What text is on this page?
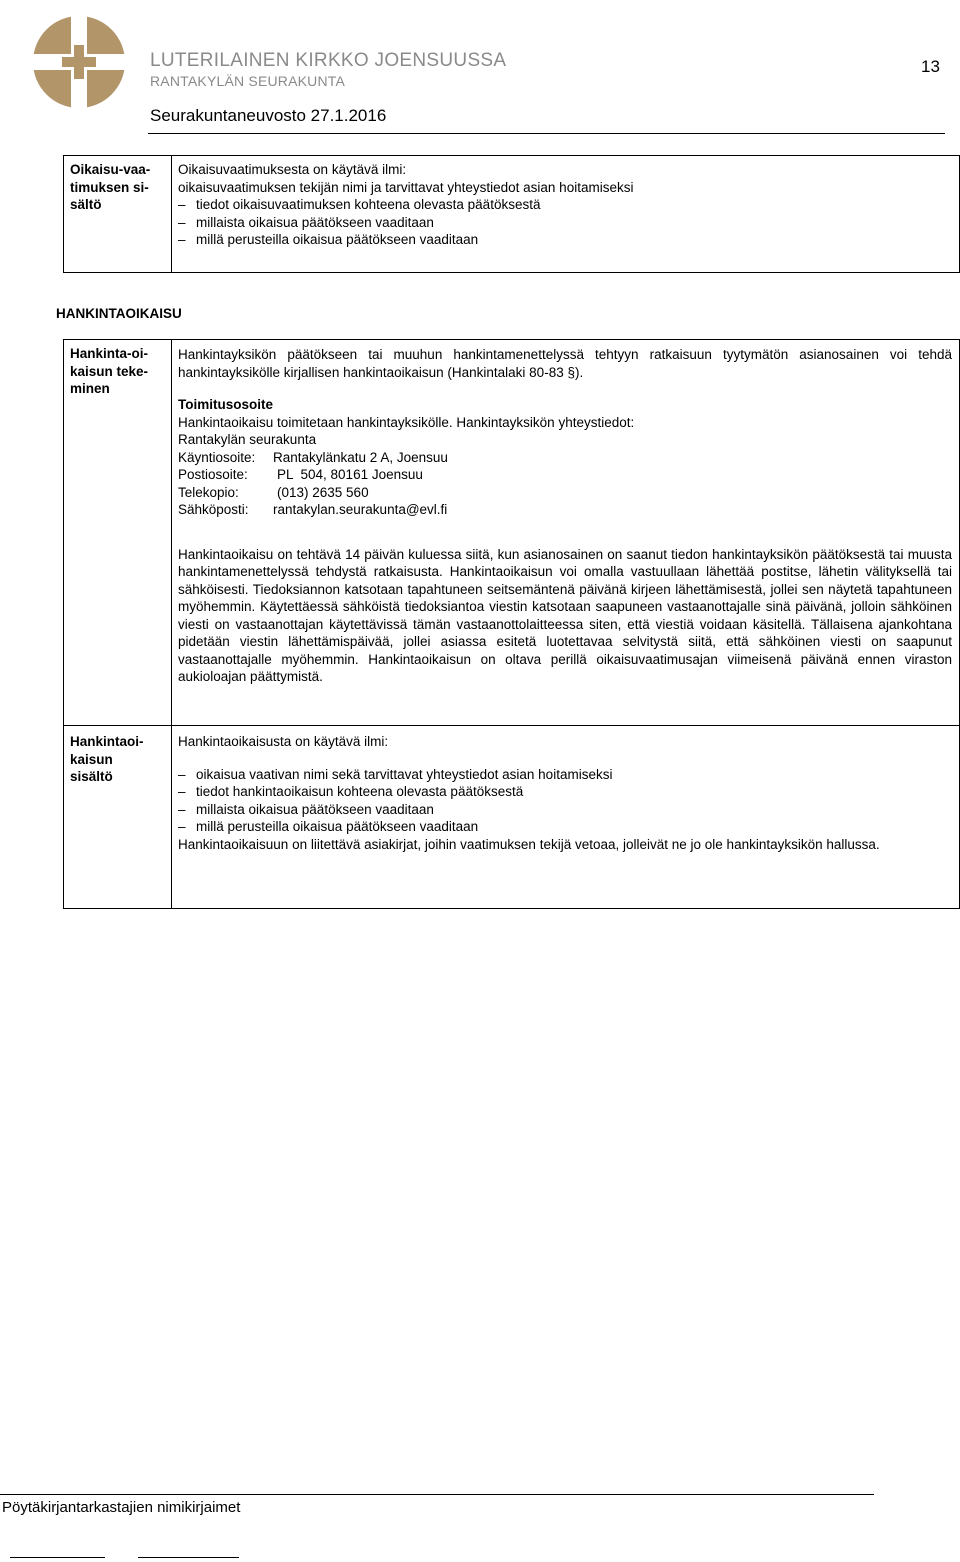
LUTERILAINEN KIRKKO JOENSUUSSA
RANTAKYLÄN SEURAKUNTA
Seurakuntaneuvosto 27.1.2016
13
Oikaisu-vaa-
timuksen si-
sältö
Oikaisuvaatimuksesta on käytävä ilmi:
oikaisuvaatimuksen tekijän nimi ja tarvittavat yhteystiedot asian hoitamiseksi
– tiedot oikaisuvaatimuksen kohteena olevasta päätöksestä
– millaista oikaisua päätökseen vaaditaan
– millä perusteilla oikaisua päätökseen vaaditaan
HANKINTAOIKAISU
Hankinta-oi-
kaisun teke-
minen
Hankintayksikön päätökseen tai muuhun hankintamenettelyssä tehtyyn ratkaisuun tyytymätön asianosainen voi tehdä hankintayksikölle kirjallisen hankintaoikaisun (Hankintalaki 80-83 §).
Toimitusosoite
Hankintaoikaisu toimitetaan hankintayksikölle. Hankintayksikön yhteystiedot:
Rantakylän seurakunta
Käyntiosoite: Rantakylänkatu 2 A, Joensuu
Postiosoite: PL  504, 80161 Joensuu
Telekopio:	(013) 2635 560
Sähköposti: rantakylan.seurakunta@evl.fi
Hankintaoikaisu on tehtävä 14 päivän kuluessa siitä, kun asianosainen on saanut tiedon hankintayksikön päätöksestä tai muusta hankintamenettelyssä tehdystä ratkaisusta. Hankintaoikaisun voi omalla vastuullaan lähettää postitse, lähetin välityksellä tai sähköisesti. Tiedoksiannon katsotaan tapahtuneen seitsemäntenä päivänä kirjeen lähettämisestä, jollei sen näytetä tapahtuneen myöhemmin. Käytettäessä sähköistä tiedoksiantoa viestin katsotaan saapuneen vastaanottajalle sinä päivänä, jolloin sähköinen viesti on vastaanottajan käytettävissä tämän vastaanottolaitteessa siten, että viestiä voidaan käsitellä. Tällaisena ajankohtana pidetään viestin lähettämispäivää, jollei asiassa esitetä luotettavaa selvitystä siitä, että sähköinen viesti on saapunut vastaanottajalle myöhemmin. Hankintaoikaisun on oltava perillä oikaisuvaatimusajan viimeisenä päivänä ennen viraston aukioloajan päättymistä.
Hankintaoi-
kaisun
sisältö
Hankintaoikaisusta on käytävä ilmi:
– oikaisua vaativan nimi sekä tarvittavat yhteystiedot asian hoitamiseksi
– tiedot hankintaoikaisun kohteena olevasta päätöksestä
– millaista oikaisua päätökseen vaaditaan
– millä perusteilla oikaisua päätökseen vaaditaan
Hankintaoikaisuun on liitettävä asiakirjat, joihin vaatimuksen tekijä vetoaa, jolleivät ne jo ole hankintayksikön hallussa.
Pöytäkirjantarkastajien nimikirjaimet
